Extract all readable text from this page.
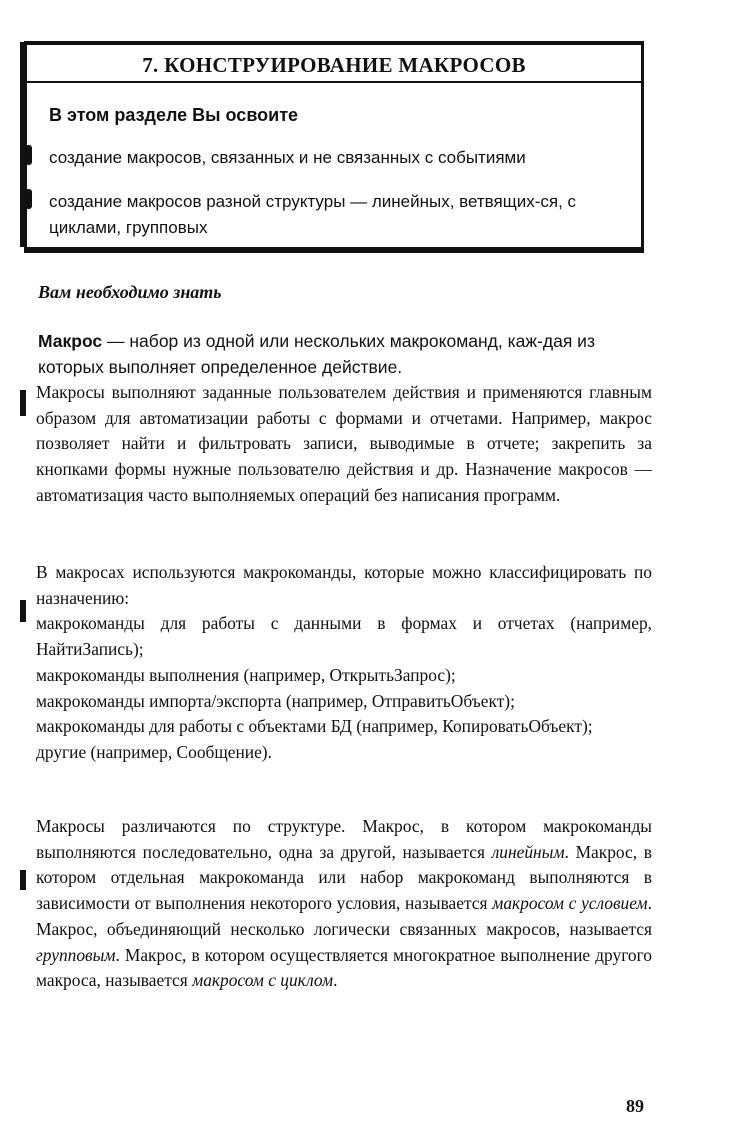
7. КОНСТРУИРОВАНИЕ МАКРОСОВ
В этом разделе Вы освоите
создание макросов, связанных и не связанных с событиями
создание макросов разной структуры — линейных, ветвящих-ся, с циклами, групповых
Вам необходимо знать
Макрос — набор из одной или нескольких макрокоманд, каж-дая из которых выполняет определенное действие.

Макросы выполняют заданные пользователем действия и применяются главным образом для автоматизации работы с формами и отчетами. Например, макрос позволяет найти и фильтровать записи, выводимые в отчете; закрепить за кнопками формы нужные пользователю действия и др. Назначение макросов — автоматизация часто выполняемых операций без написания программ.

В макросах используются макрокоманды, которые можно классифицировать по назначению:

макрокоманды для работы с данными в формах и отчетах (например, НайтиЗапись);

макрокоманды выполнения (например, ОткрытьЗапрос);

макрокоманды импорта/экспорта (например, ОтправитьОбъект);

макрокоманды для работы с объектами БД (например, КопироватьОбъект);

другие (например, Сообщение).

Макросы различаются по структуре. Макрос, в котором макрокоманды выполняются последовательно, одна за другой, называется линейным. Макрос, в котором отдельная макрокоманда или набор макрокоманд выполняются в зависимости от выполнения некоторого условия, называется макросом с условием. Макрос, объединяющий несколько логически связанных макросов, называется групповым. Макрос, в котором осуществляется многократное выполнение другого макроса, называется макросом с циклом.

89
